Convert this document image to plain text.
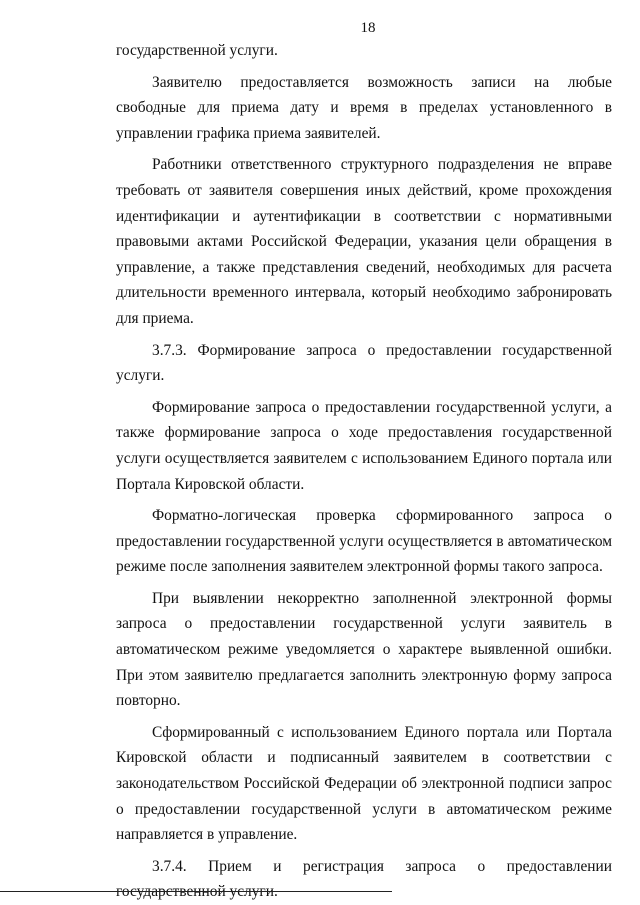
18

государственной услуги.

Заявителю предоставляется возможность записи на любые свободные для приема дату и время в пределах установленного в управлении графика приема заявителей.

Работники ответственного структурного подразделения не вправе требовать от заявителя совершения иных действий, кроме прохождения идентификации и аутентификации в соответствии с нормативными правовыми актами Российской Федерации, указания цели обращения в управление, а также представления сведений, необходимых для расчета длительности временного интервала, который необходимо забронировать для приема.

3.7.3. Формирование запроса о предоставлении государственной услуги.

Формирование запроса о предоставлении государственной услуги, а также формирование запроса о ходе предоставления государственной услуги осуществляется заявителем с использованием Единого портала или Портала Кировской области.

Форматно-логическая проверка сформированного запроса о предоставлении государственной услуги осуществляется в автоматическом режиме после заполнения заявителем электронной формы такого запроса.

При выявлении некорректно заполненной электронной формы запроса о предоставлении государственной услуги заявитель в автоматическом режиме уведомляется о характере выявленной ошибки. При этом заявителю предлагается заполнить электронную форму запроса повторно.

Сформированный с использованием Единого портала или Портала Кировской области и подписанный заявителем в соответствии с законодательством Российской Федерации об электронной подписи запрос о предоставлении государственной услуги в автоматическом режиме направляется в управление.

3.7.4. Прием и регистрация запроса о предоставлении государственной услуги.
